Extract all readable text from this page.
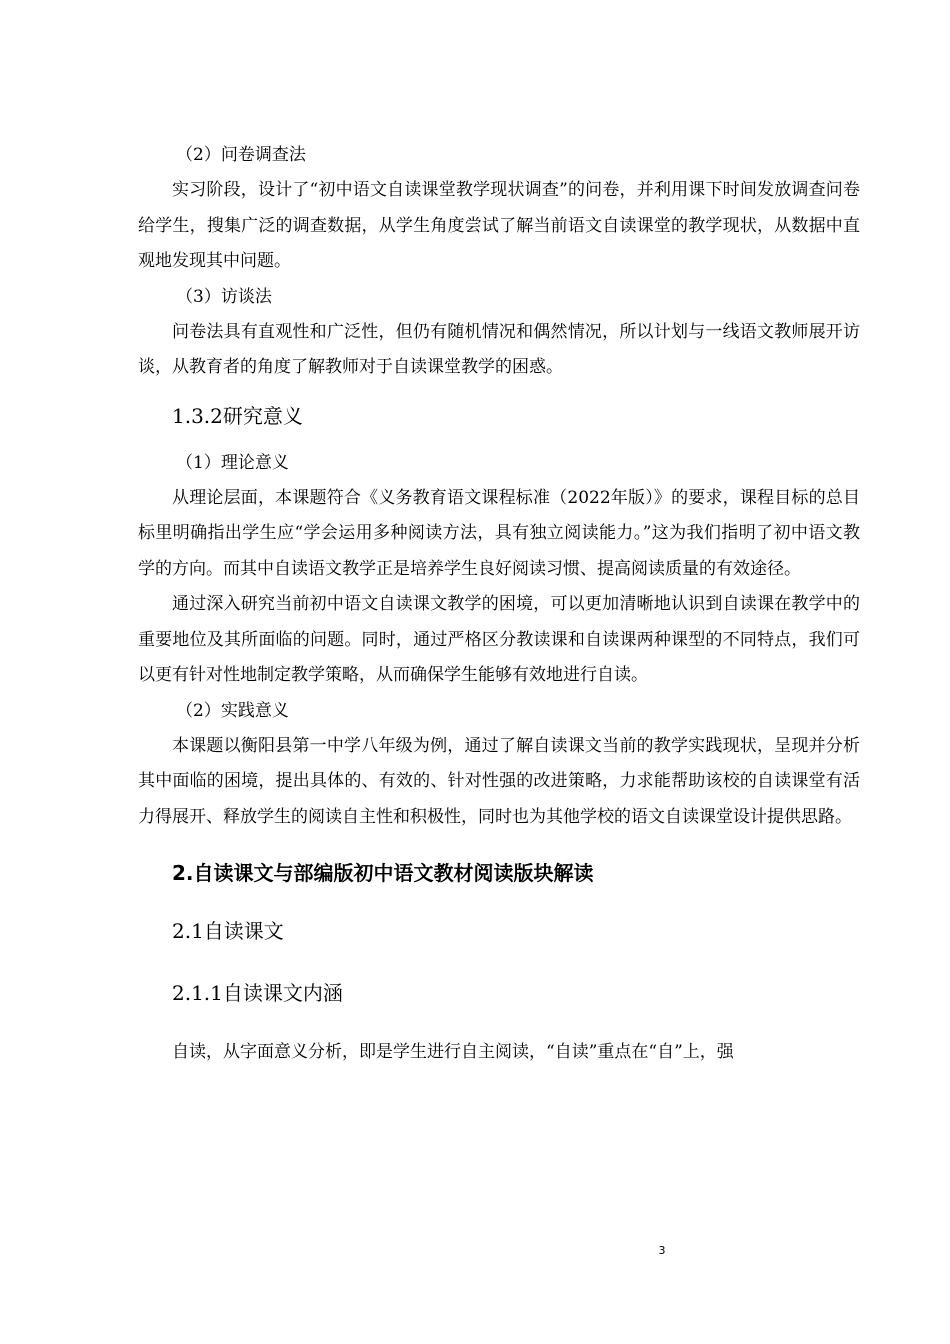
（2）问卷调查法

实习阶段，设计了“初中语文自读课堂教学现状调查”的问卷，并利用课下时间发放调查问卷给学生，搜集广泛的调查数据，从学生角度尝试了解当前语文自读课堂的教学现状，从数据中直观地发现其中问题。

（3）访谈法

问卷法具有直观性和广泛性，但仍有随机情况和偶然情况，所以计划与一线语文教师展开访谈，从教育者的角度了解教师对于自读课堂教学的困惑。

1.3.2研究意义
（1）理论意义

从理论层面，本课题符合《义务教育语文课程标准（2022年版）》的要求，课程目标的总目标里明确指出学生应“学会运用多种阅读方法，具有独立阅读能力。”这为我们指明了初中语文教学的方向。而其中自读语文教学正是培养学生良好阅读习惯、提高阅读质量的有效途径。

通过深入研究当前初中语文自读课文教学的困境，可以更加清晰地认识到自读课在教学中的重要地位及其所面临的问题。同时，通过严格区分教读课和自读课两种课型的不同特点，我们可以更有针对性地制定教学策略，从而确保学生能够有效地进行自读。

（2）实践意义

本课题以衡阳县第一中学八年级为例，通过了解自读课文当前的教学实践现状，呈现并分析其中面临的困境，提出具体的、有效的、针对性强的改进策略，力求能帮助该校的自读课堂有活力得展开、释放学生的阅读自主性和积极性，同时也为其他学校的语文自读课堂设计提供思路。

2.自读课文与部编版初中语文教材阅读版块解读
2.1自读课文
2.1.1自读课文内涵

自读，从字面意义分析，即是学生进行自主阅读，“自读”重点在“自”上，强

3
